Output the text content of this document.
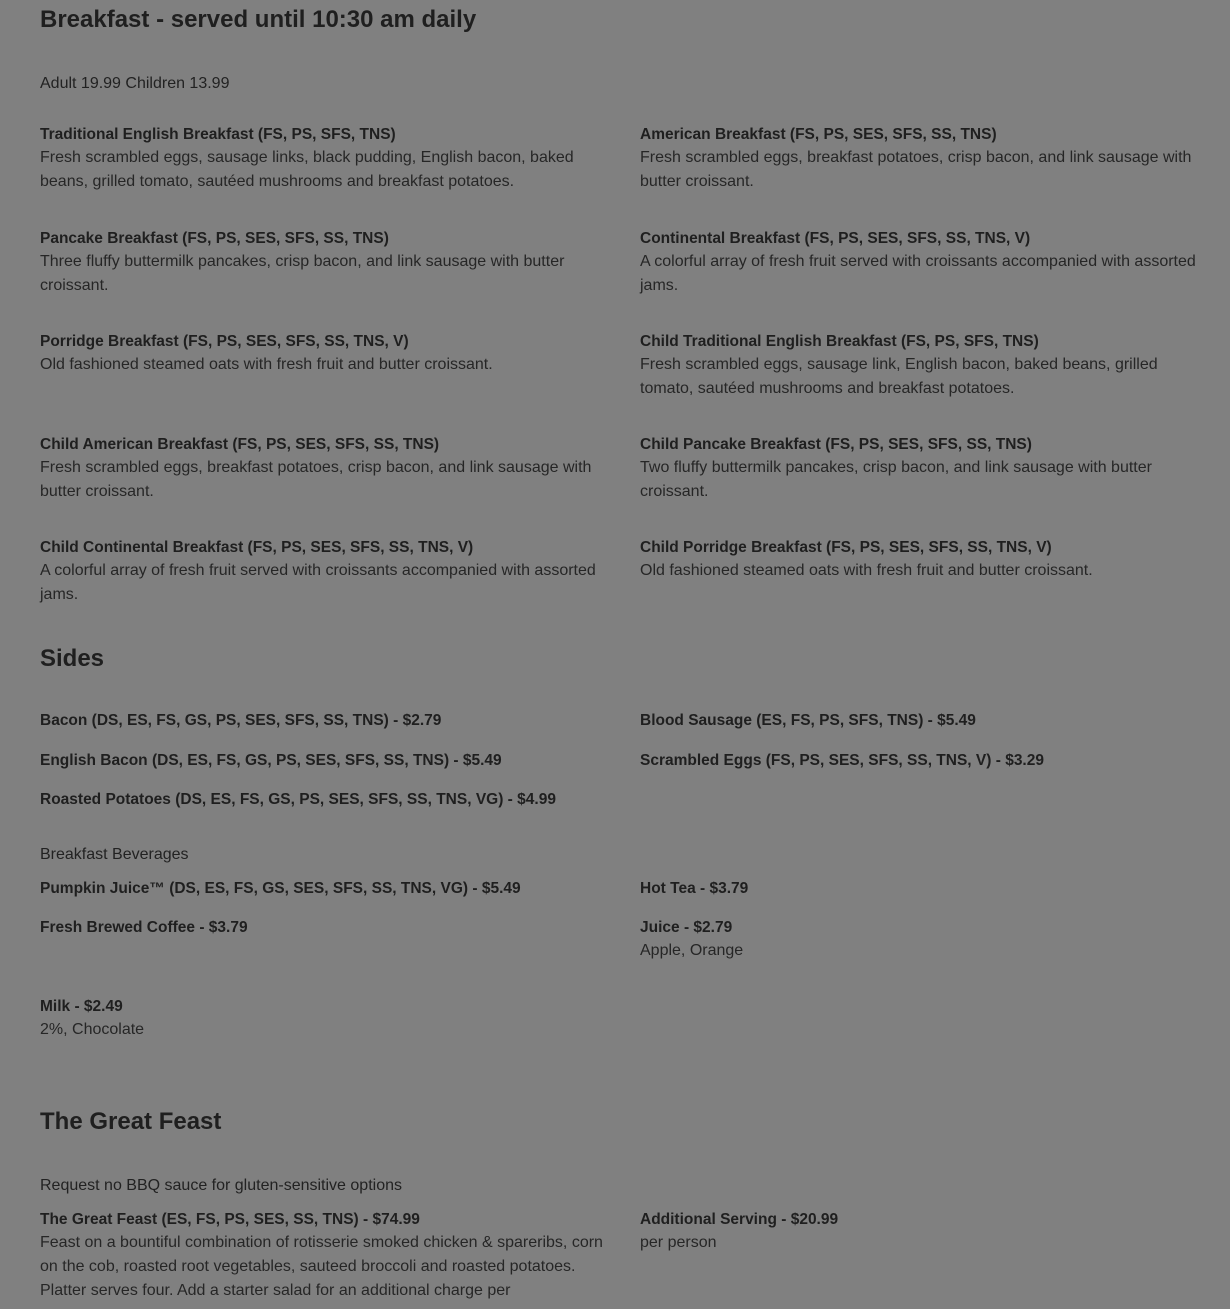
Breakfast - served until 10:30 am daily
Adult 19.99 Children 13.99
Traditional English Breakfast (FS, PS, SFS, TNS)
Fresh scrambled eggs, sausage links, black pudding, English bacon, baked beans, grilled tomato, sautéed mushrooms and breakfast potatoes.
American Breakfast (FS, PS, SES, SFS, SS, TNS)
Fresh scrambled eggs, breakfast potatoes, crisp bacon, and link sausage with butter croissant.
Pancake Breakfast (FS, PS, SES, SFS, SS, TNS)
Three fluffy buttermilk pancakes, crisp bacon, and link sausage with butter croissant.
Continental Breakfast (FS, PS, SES, SFS, SS, TNS, V)
A colorful array of fresh fruit served with croissants accompanied with assorted jams.
Porridge Breakfast (FS, PS, SES, SFS, SS, TNS, V)
Old fashioned steamed oats with fresh fruit and butter croissant.
Child Traditional English Breakfast (FS, PS, SFS, TNS)
Fresh scrambled eggs, sausage link, English bacon, baked beans, grilled tomato, sautéed mushrooms and breakfast potatoes.
Child American Breakfast (FS, PS, SES, SFS, SS, TNS)
Fresh scrambled eggs, breakfast potatoes, crisp bacon, and link sausage with butter croissant.
Child Pancake Breakfast (FS, PS, SES, SFS, SS, TNS)
Two fluffy buttermilk pancakes, crisp bacon, and link sausage with butter croissant.
Child Continental Breakfast (FS, PS, SES, SFS, SS, TNS, V)
A colorful array of fresh fruit served with croissants accompanied with assorted jams.
Child Porridge Breakfast (FS, PS, SES, SFS, SS, TNS, V)
Old fashioned steamed oats with fresh fruit and butter croissant.
Sides
Bacon (DS, ES, FS, GS, PS, SES, SFS, SS, TNS) - $2.79	Blood Sausage (ES, FS, PS, SFS, TNS) - $5.49
English Bacon (DS, ES, FS, GS, PS, SES, SFS, SS, TNS) - $5.49	Scrambled Eggs (FS, PS, SES, SFS, SS, TNS, V) - $3.29
Roasted Potatoes (DS, ES, FS, GS, PS, SES, SFS, SS, TNS, VG) - $4.99
Breakfast Beverages
Pumpkin Juice™ (DS, ES, FS, GS, SES, SFS, SS, TNS, VG) - $5.49	Hot Tea - $3.79
Fresh Brewed Coffee - $3.79	Juice - $2.79
Apple, Orange
Milk - $2.49
2%, Chocolate
The Great Feast
Request no BBQ sauce for gluten-sensitive options
The Great Feast (ES, FS, PS, SES, SS, TNS) - $74.99
Feast on a bountiful combination of rotisserie smoked chicken & spareribs, corn on the cob, roasted root vegetables, sauteed broccoli and roasted potatoes. Platter serves four. Add a starter salad for an additional charge per
Additional Serving - $20.99
per person
